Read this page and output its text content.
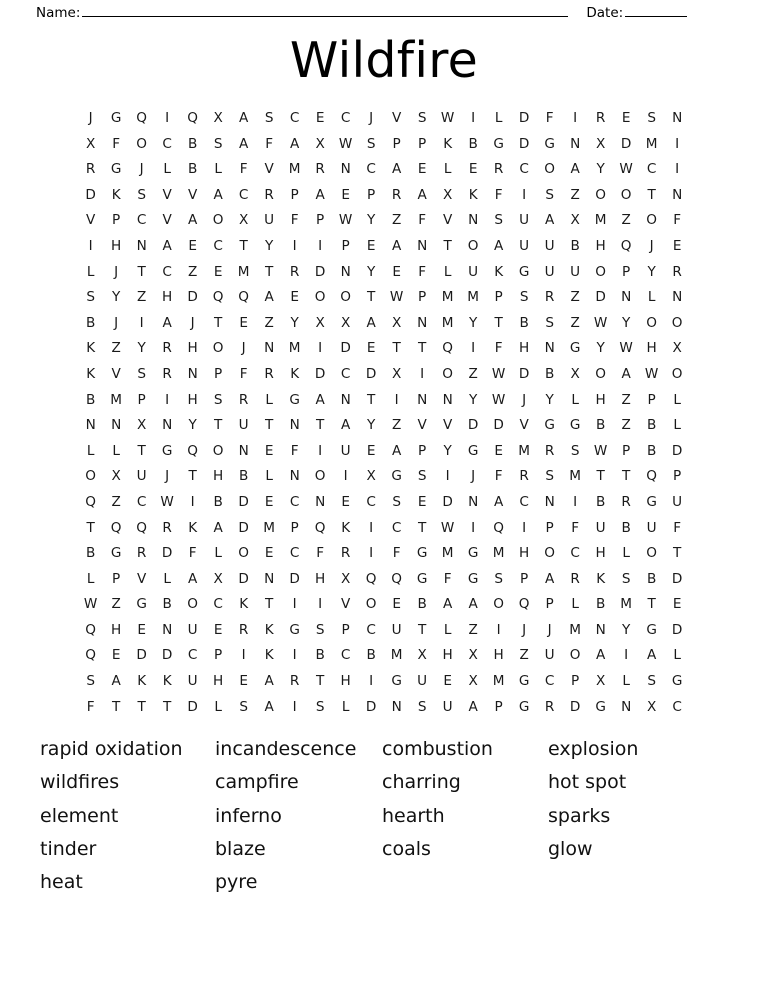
Name:	Date:
Wildfire
J	G	Q	I	Q	X	A	S	C	E	C	J	V	S	W	I	L	D	F	I	R	E	S	N
X	F	O	C	B	S	A	F	A	X	W	S	P	P	K	B	G	D	G	N	X	D	M	I
R	G	J	L	B	L	F	V	M	R	N	C	A	E	L	E	R	C	O	A	Y	W	C	I
D	K	S	V	V	A	C	R	P	A	E	P	R	A	X	K	F	I	S	Z	O	O	T	N
V	P	C	V	A	O	X	U	F	P	W	Y	Z	F	V	N	S	U	A	X	M	Z	O	F
I	H	N	A	E	C	T	Y	I	I	P	E	A	N	T	O	A	U	U	B	H	Q	J	E
L	J	T	C	Z	E	M	T	R	D	N	Y	E	F	L	U	K	G	U	U	O	P	Y	R
S	Y	Z	H	D	Q	Q	A	E	O	O	T	W	P	M M	P	S	R	Z	D	N	L	N
B	J	I	A	J	T	E	Z	Y	X	X	A	X	N	M	Y	T	B	S	Z	W	Y	O	O
K	Z	Y	R	H	O	J	N	M	I	D	E	T	T	Q	I	F	H	N	G	Y	W H	X
K	V	S	R	N	P	F	R	K	D	C	D	X	I	O	Z	W D	B	X	O	A	W O
B	M	P	I	H	S	R	L	G	A	N	T	I	N	N	Y	W	J	Y	L	H	Z	P	L
N	N	X	N	Y	T	U	T	N	T	A	Y	Z	V	V	D	D	V	G	G	B	Z	B	L
L	L	T	G	Q	O	N	E	F	I	U	E	A	P	Y	G	E	M	R	S	W	P	B	D
O	X	U	J	T	H	B	L	N	O	I	X	G	S	I	J	F	R	S	M	T	T	Q	P
Q	Z	C	W	I	B	D	E	C	N	E	C	S	E	D	N	A	C	N	I	B	R	G	U
T	Q	Q	R	K	A	D	M	P	Q	K	I	C	T	W	I	Q	I	P	F	U	B	U	F
B	G	R	D	F	L	O	E	C	F	R	I	F	G	M	G	M	H	O	C	H	L	O	T
L	P	V	L	A	X	D	N	D	H	X	Q	Q	G	F	G	S	P	A	R	K	S	B	D
W	Z	G	B	O	C	K	T	I	I	V	O	E	B	A	A	O	Q	P	L	B	M	T	E
Q	H	E	N	U	E	R	K	G	S	P	C	U	T	L	Z	I	J	J	M	N	Y	G	D
Q	E	D	D	C	P	I	K	I	B	C	B	M	X	H	X	H	Z	U	O	A	I	A	L
S	A	K	K	U	H	E	A	R	T	H	I	G	U	E	X	M	G	C	P	X	L	S	G
F	T	T	T	D	L	S	A	I	S	L	D	N	S	U	A	P	G	R	D	G	N	X	C
rapid oxidation	incandescence	combustion	explosion
wildfires	campfire	charring	hot spot
element	inferno	hearth	sparks
tinder	blaze	coals	glow
heat	pyre
